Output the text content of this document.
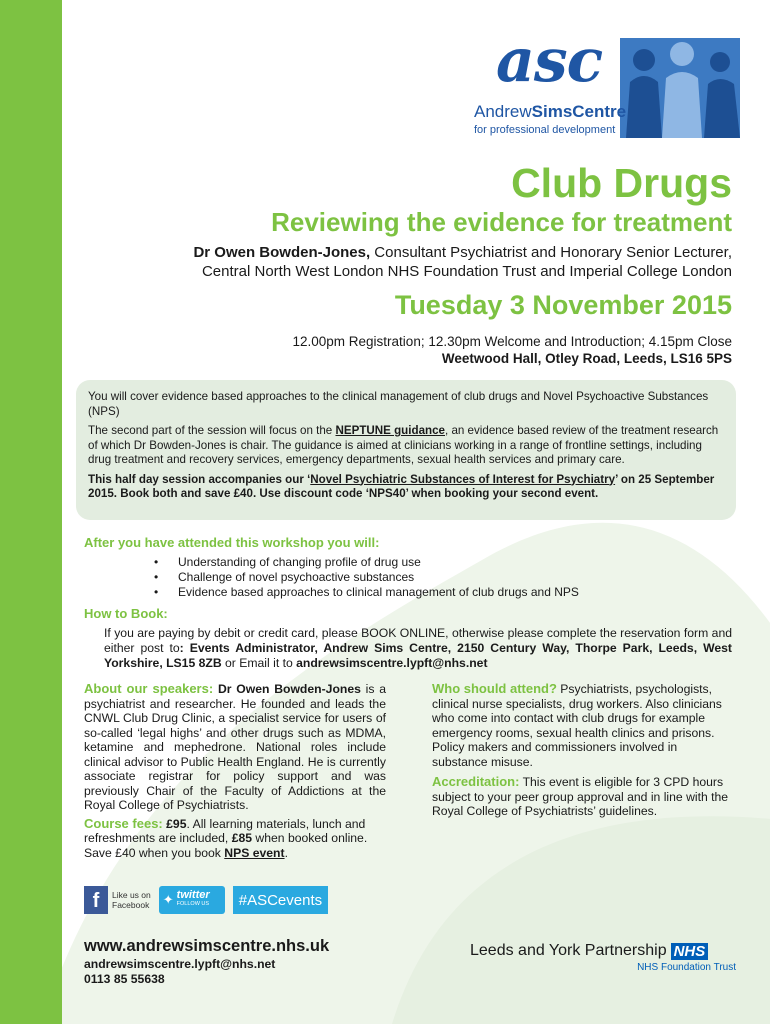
asc
AndrewSimsCentre
for professional development
Club Drugs
Reviewing the evidence for treatment
Dr Owen Bowden-Jones, Consultant Psychiatrist and Honorary Senior Lecturer,
Central North West London NHS Foundation Trust and Imperial College London
Tuesday 3 November 2015
12.00pm Registration; 12.30pm Welcome and Introduction; 4.15pm Close
Weetwood Hall, Otley Road, Leeds, LS16 5PS

You will cover evidence based approaches to the clinical management of club drugs and Novel Psychoactive Substances (NPS)

The second part of the session will focus on the NEPTUNE guidance, an evidence based review of the treatment research of which Dr Bowden-Jones is chair. The guidance is aimed at clinicians working in a range of frontline settings, including drug treatment and recovery services, emergency departments, sexual health services and primary care.

This half day session accompanies our ‘Novel Psychiatric Substances of Interest for Psychiatry’ on 25 September 2015. Book both and save £40. Use discount code ‘NPS40’ when booking your second event.

After you have attended this workshop you will:
• Understanding of changing profile of drug use
• Challenge of novel psychoactive substances
• Evidence based approaches to clinical management of club drugs and NPS
How to Book:
If you are paying by debit or credit card, please BOOK ONLINE, otherwise please complete the reservation form and either post to: Events Administrator, Andrew Sims Centre, 2150 Century Way, Thorpe Park, Leeds, West Yorkshire, LS15 8ZB or Email it to andrewsimscentre.lypft@nhs.net
About our speakers: Dr Owen Bowden-Jones is a psychiatrist and researcher. He founded and leads the CNWL Club Drug Clinic, a specialist service for users of so-called ‘legal highs’ and other drugs such as MDMA, ketamine and mephedrone. National roles include clinical advisor to Public Health England. He is currently associate registrar for policy support and was previously Chair of the Faculty of Addictions at the Royal College of Psychiatrists.
Course fees: £95. All learning materials, lunch and refreshments are included, £85 when booked online. Save £40 when you book NPS event.
Who should attend? Psychiatrists, psychologists, clinical nurse specialists, drug workers. Also clinicians who come into contact with club drugs for example emergency rooms, sexual health clinics and prisons.
Policy makers and commissioners involved in substance misuse.
Accreditation: This event is eligible for 3 CPD hours subject to your peer group approval and in line with the Royal College of Psychiatrists’ guidelines.
f	Like us on
Facebook ✦ twitter
FOLLOW US	#ASCevents
www.andrewsimscentre.nhs.uk
andrewsimscentre.lypft@nhs.net
0113 85 55638
Leeds and York Partnership NHS
NHS Foundation Trust
